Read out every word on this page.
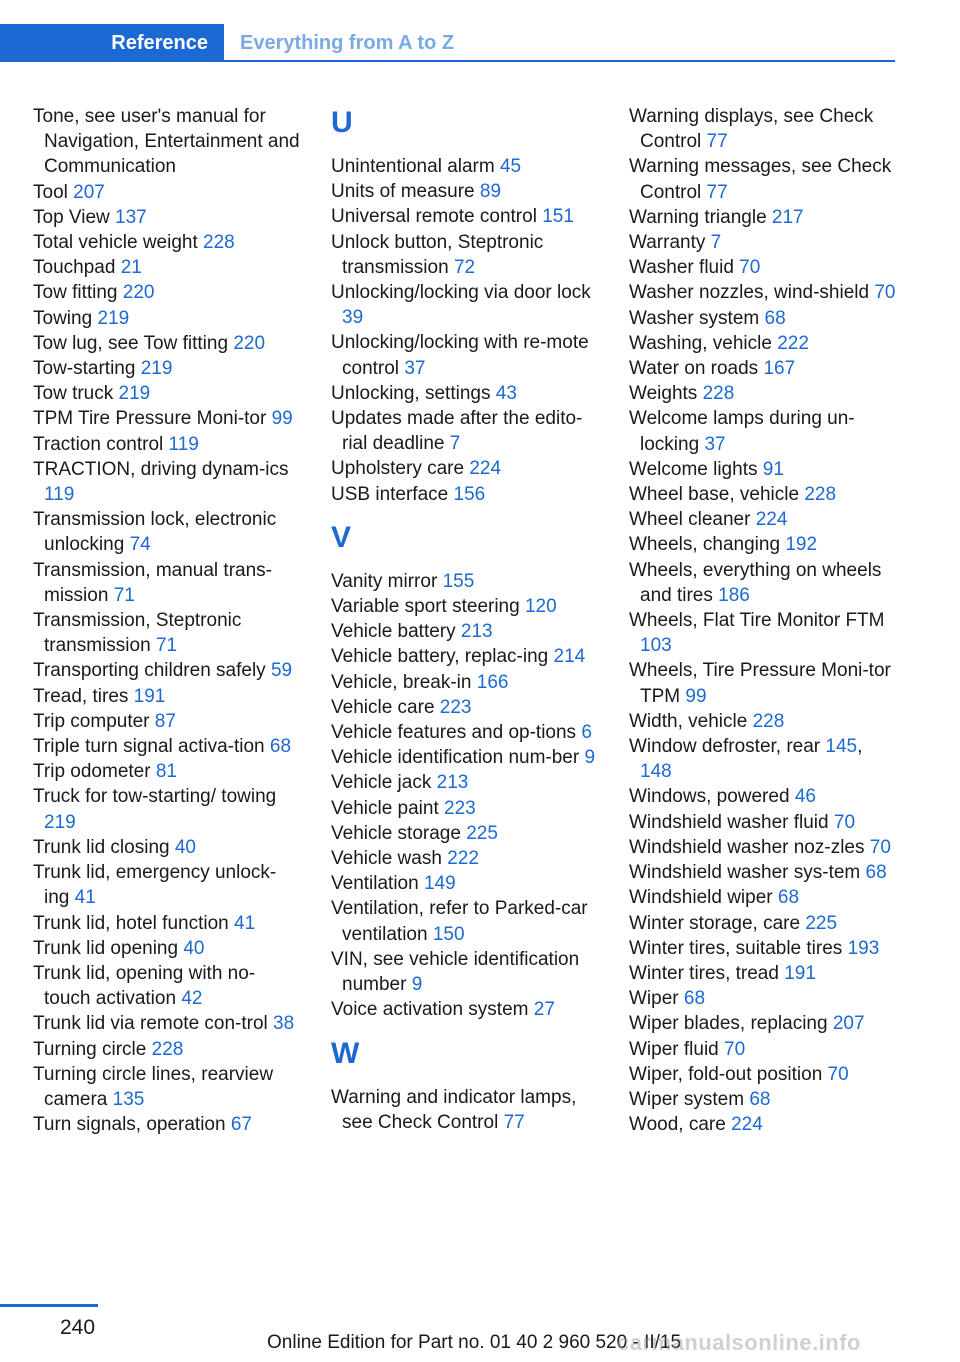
Reference	Everything from A to Z
Tone, see user's manual for Navigation, Entertainment and Communication
Tool 207
Top View 137
Total vehicle weight 228
Touchpad 21
Tow fitting 220
Towing 219
Tow lug, see Tow fitting 220
Tow-starting 219
Tow truck 219
TPM Tire Pressure Moni-tor 99
Traction control 119
TRACTION, driving dynam-ics 119
Transmission lock, electronic unlocking 74
Transmission, manual trans-mission 71
Transmission, Steptronic transmission 71
Transporting children safely 59
Tread, tires 191
Trip computer 87
Triple turn signal activa-tion 68
Trip odometer 81
Truck for tow-starting/ towing 219
Trunk lid closing 40
Trunk lid, emergency unlock-ing 41
Trunk lid, hotel function 41
Trunk lid opening 40
Trunk lid, opening with no-touch activation 42
Trunk lid via remote con-trol 38
Turning circle 228
Turning circle lines, rearview camera 135
Turn signals, operation 67
U
Unintentional alarm 45
Units of measure 89
Universal remote control 151
Unlock button, Steptronic transmission 72
Unlocking/locking via door lock 39
Unlocking/locking with re-mote control 37
Unlocking, settings 43
Updates made after the edito-rial deadline 7
Upholstery care 224
USB interface 156
V
Vanity mirror 155
Variable sport steering 120
Vehicle battery 213
Vehicle battery, replac-ing 214
Vehicle, break-in 166
Vehicle care 223
Vehicle features and op-tions 6
Vehicle identification num-ber 9
Vehicle jack 213
Vehicle paint 223
Vehicle storage 225
Vehicle wash 222
Ventilation 149
Ventilation, refer to Parked-car ventilation 150
VIN, see vehicle identification number 9
Voice activation system 27
W
Warning and indicator lamps, see Check Control 77
Warning displays, see Check Control 77
Warning messages, see Check Control 77
Warning triangle 217
Warranty 7
Washer fluid 70
Washer nozzles, wind-shield 70
Washer system 68
Washing, vehicle 222
Water on roads 167
Weights 228
Welcome lamps during un-locking 37
Welcome lights 91
Wheel base, vehicle 228
Wheel cleaner 224
Wheels, changing 192
Wheels, everything on wheels and tires 186
Wheels, Flat Tire Monitor FTM 103
Wheels, Tire Pressure Moni-tor TPM 99
Width, vehicle 228
Window defroster, rear 145, 148
Windows, powered 46
Windshield washer fluid 70
Windshield washer noz-zles 70
Windshield washer sys-tem 68
Windshield wiper 68
Winter storage, care 225
Winter tires, suitable tires 193
Winter tires, tread 191
Wiper 68
Wiper blades, replacing 207
Wiper fluid 70
Wiper, fold-out position 70
Wiper system 68
Wood, care 224
240
Online Edition for Part no. 01 40 2 960 520 - II/15
carmanualsonline.info
